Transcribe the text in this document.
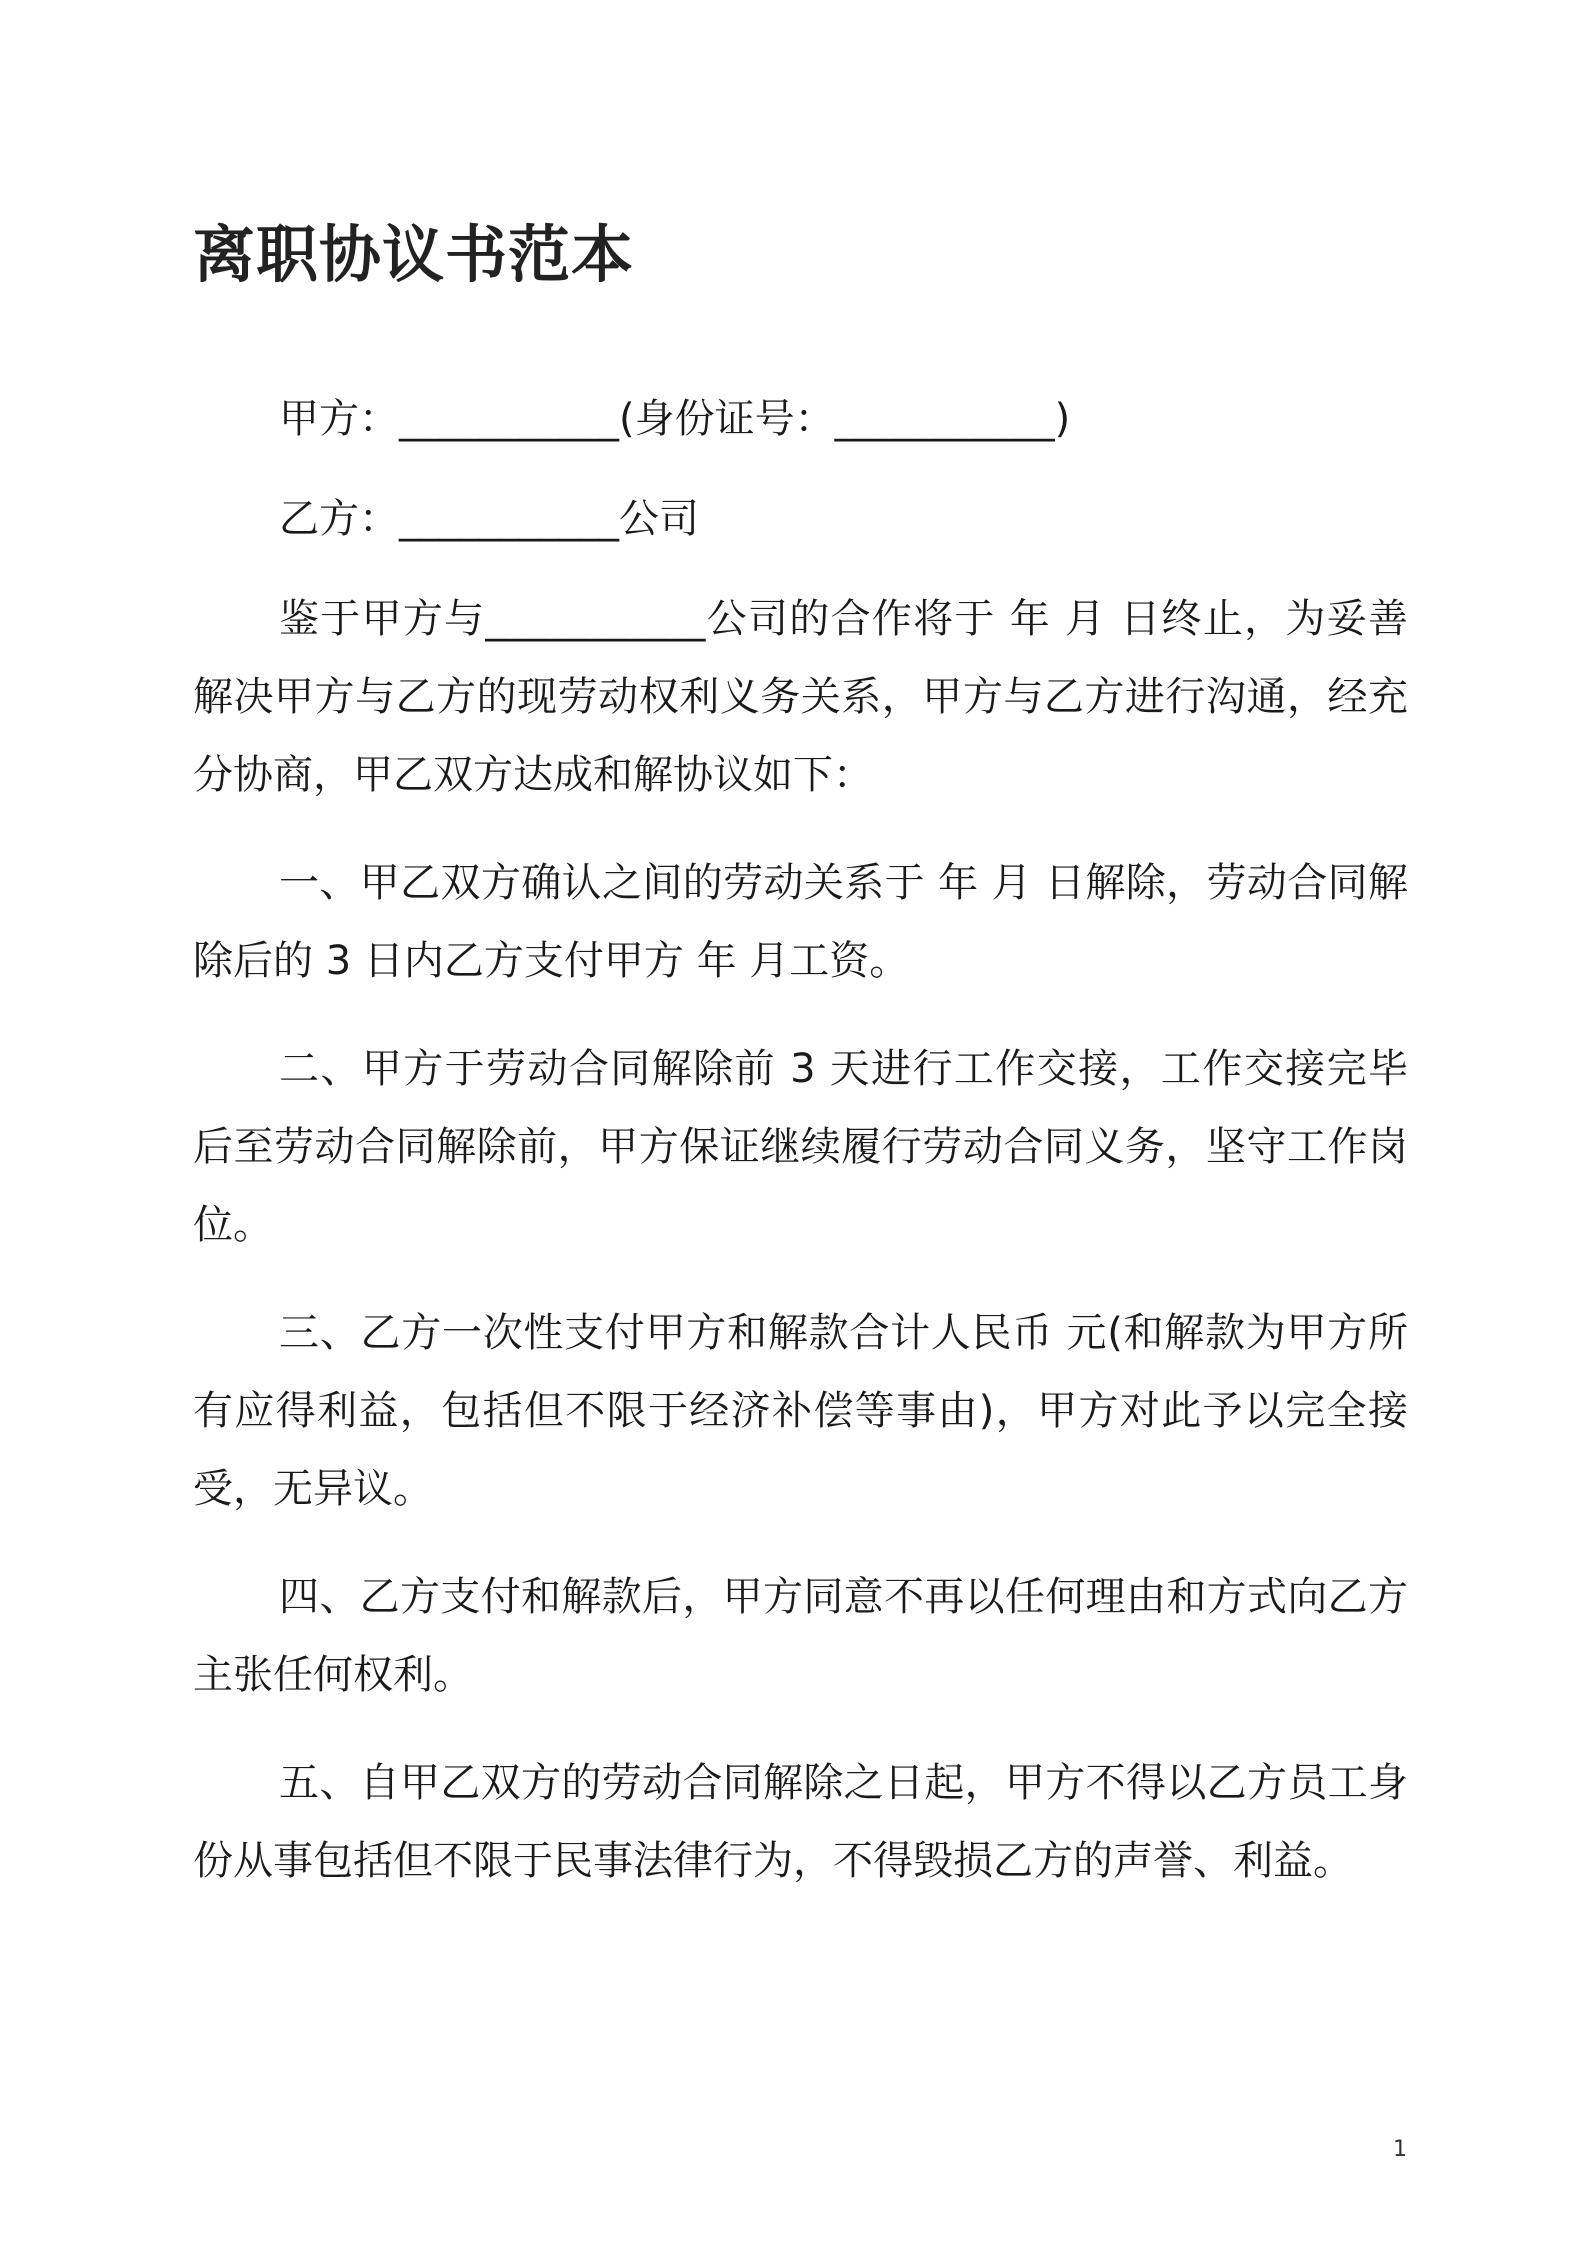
离职协议书范本

甲方：___________(身份证号：___________)

乙方：___________公司

鉴于甲方与___________公司的合作将于 年 月 日终止，为妥善解决甲方与乙方的现劳动权利义务关系，甲方与乙方进行沟通，经充分协商，甲乙双方达成和解协议如下：

一、甲乙双方确认之间的劳动关系于 年 月 日解除，劳动合同解除后的 3 日内乙方支付甲方 年 月工资。

二、甲方于劳动合同解除前 3 天进行工作交接，工作交接完毕后至劳动合同解除前，甲方保证继续履行劳动合同义务，坚守工作岗位。

三、乙方一次性支付甲方和解款合计人民币 元(和解款为甲方所有应得利益，包括但不限于经济补偿等事由)，甲方对此予以完全接受，无异议。

四、乙方支付和解款后，甲方同意不再以任何理由和方式向乙方主张任何权利。

五、自甲乙双方的劳动合同解除之日起，甲方不得以乙方员工身份从事包括但不限于民事法律行为，不得毁损乙方的声誉、利益。

1
